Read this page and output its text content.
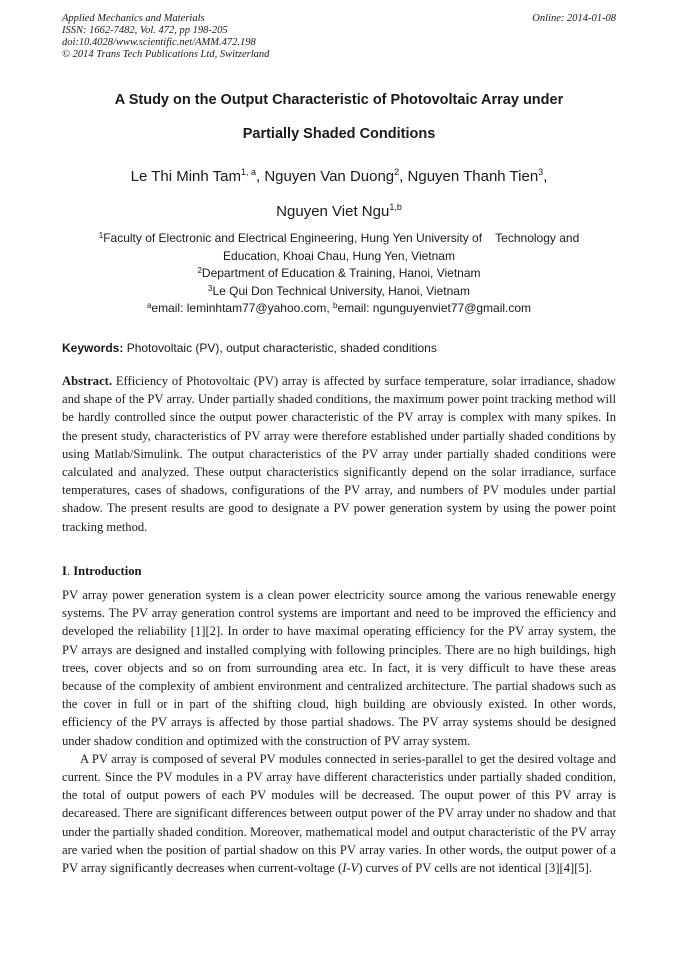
Applied Mechanics and Materials
ISSN: 1662-7482, Vol. 472, pp 198-205
doi:10.4028/www.scientific.net/AMM.472.198
© 2014 Trans Tech Publications Ltd, Switzerland
Online: 2014-01-08
A Study on the Output Characteristic of Photovoltaic Array under
Partially Shaded Conditions
Le Thi Minh Tam$^{1, a}$, Nguyen Van Duong$^2$, Nguyen Thanh Tien$^3$,
Nguyen Viet Ngu$^{1,b}$
$^1$Faculty of Electronic and Electrical Engineering, Hung Yen University of    Technology and
Education, Khoai Chau, Hung Yen, Vietnam
$^2$Department of Education & Training, Hanoi, Vietnam
$^3$Le Qui Don Technical University, Hanoi, Vietnam
$^a$email: leminhtam77@yahoo.com, $^b$email: ngunguyenviet77@gmail.com
Keywords: Photovoltaic (PV), output characteristic, shaded conditions

Abstract. Efficiency of Photovoltaic (PV) array is affected by surface temperature, solar irradiance, shadow and shape of the PV array. Under partially shaded conditions, the maximum power point tracking method will be hardly controlled since the output power characteristic of the PV array is complex with many spikes. In the present study, characteristics of PV array were therefore established under partially shaded conditions by using Matlab/Simulink. The output characteristics of the PV array under partially shaded conditions were calculated and analyzed. These output characteristics significantly depend on the solar irradiance, surface temperatures, cases of shadows, configurations of the PV array, and numbers of PV modules under partial shadow. The present results are good to designate a PV power generation system by using the power point tracking method.

I. Introduction

PV array power generation system is a clean power electricity source among the various renewable energy systems. The PV array generation control systems are important and need to be improved the efficiency and developed the reliability [1][2]. In order to have maximal operating efficiency for the PV array system, the PV arrays are designed and installed complying with following principles. There are no high buildings, high trees, cover objects and so on from surrounding area etc. In fact, it is very difficult to have these areas because of the complexity of ambient environment and centralized architecture. The partial shadows such as the cover in full or in part of the shifting cloud, high building are obviously existed. In other words, efficiency of the PV arrays is affected by those partial shadows. The PV array systems should be designed under shadow condition and optimized with the construction of PV array system.

A PV array is composed of several PV modules connected in series-parallel to get the desired voltage and current. Since the PV modules in a PV array have different characteristics under partially shaded condition, the total of output powers of each PV modules will be decreased. The ouput power of this PV array is decareased. There are significant differences between output power of the PV array under no shadow and that under the partially shaded condition. Moreover, mathematical model and output characteristic of the PV array are varied when the position of partial shadow on this PV array varies. In other words, the output power of a PV array significantly decreases when current-voltage (I-V) curves of PV cells are not identical [3][4][5].
